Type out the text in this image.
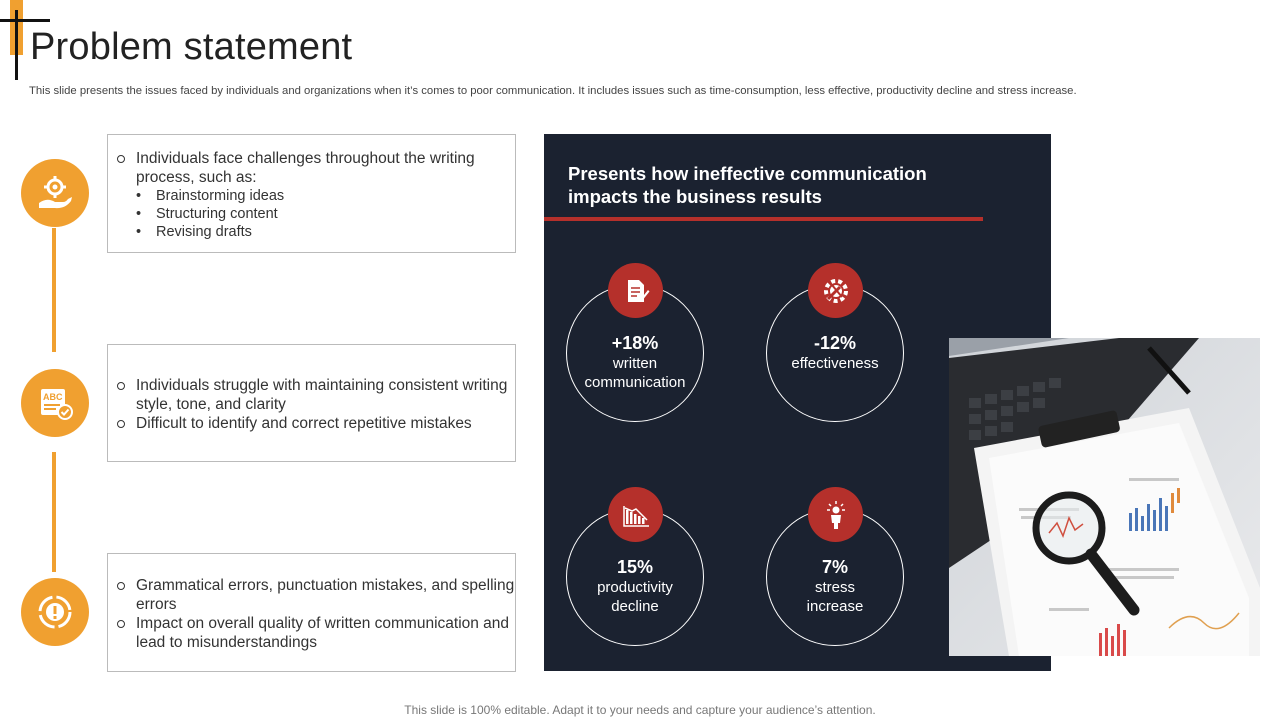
Problem statement

This slide presents the issues faced by individuals and organizations when it’s comes to poor communication. It includes issues such as time-consumption, less effective, productivity decline and stress increase.

ABC
Individuals face challenges throughout the writing process, such as:
• Brainstorming ideas
• Structuring content
• Revising drafts
Individuals struggle with maintaining consistent writing style, tone, and clarity
Difficult to identify and correct repetitive mistakes
Grammatical errors, punctuation mistakes, and spelling errors
Impact on overall quality of written communication and lead to misunderstandings
Presents how ineffective communication impacts the business results
+18%
written
communication
-12%
effectiveness
15%
productivity
decline
7%
stress
increase
This slide is 100% editable. Adapt it to your needs and capture your audience’s attention.
